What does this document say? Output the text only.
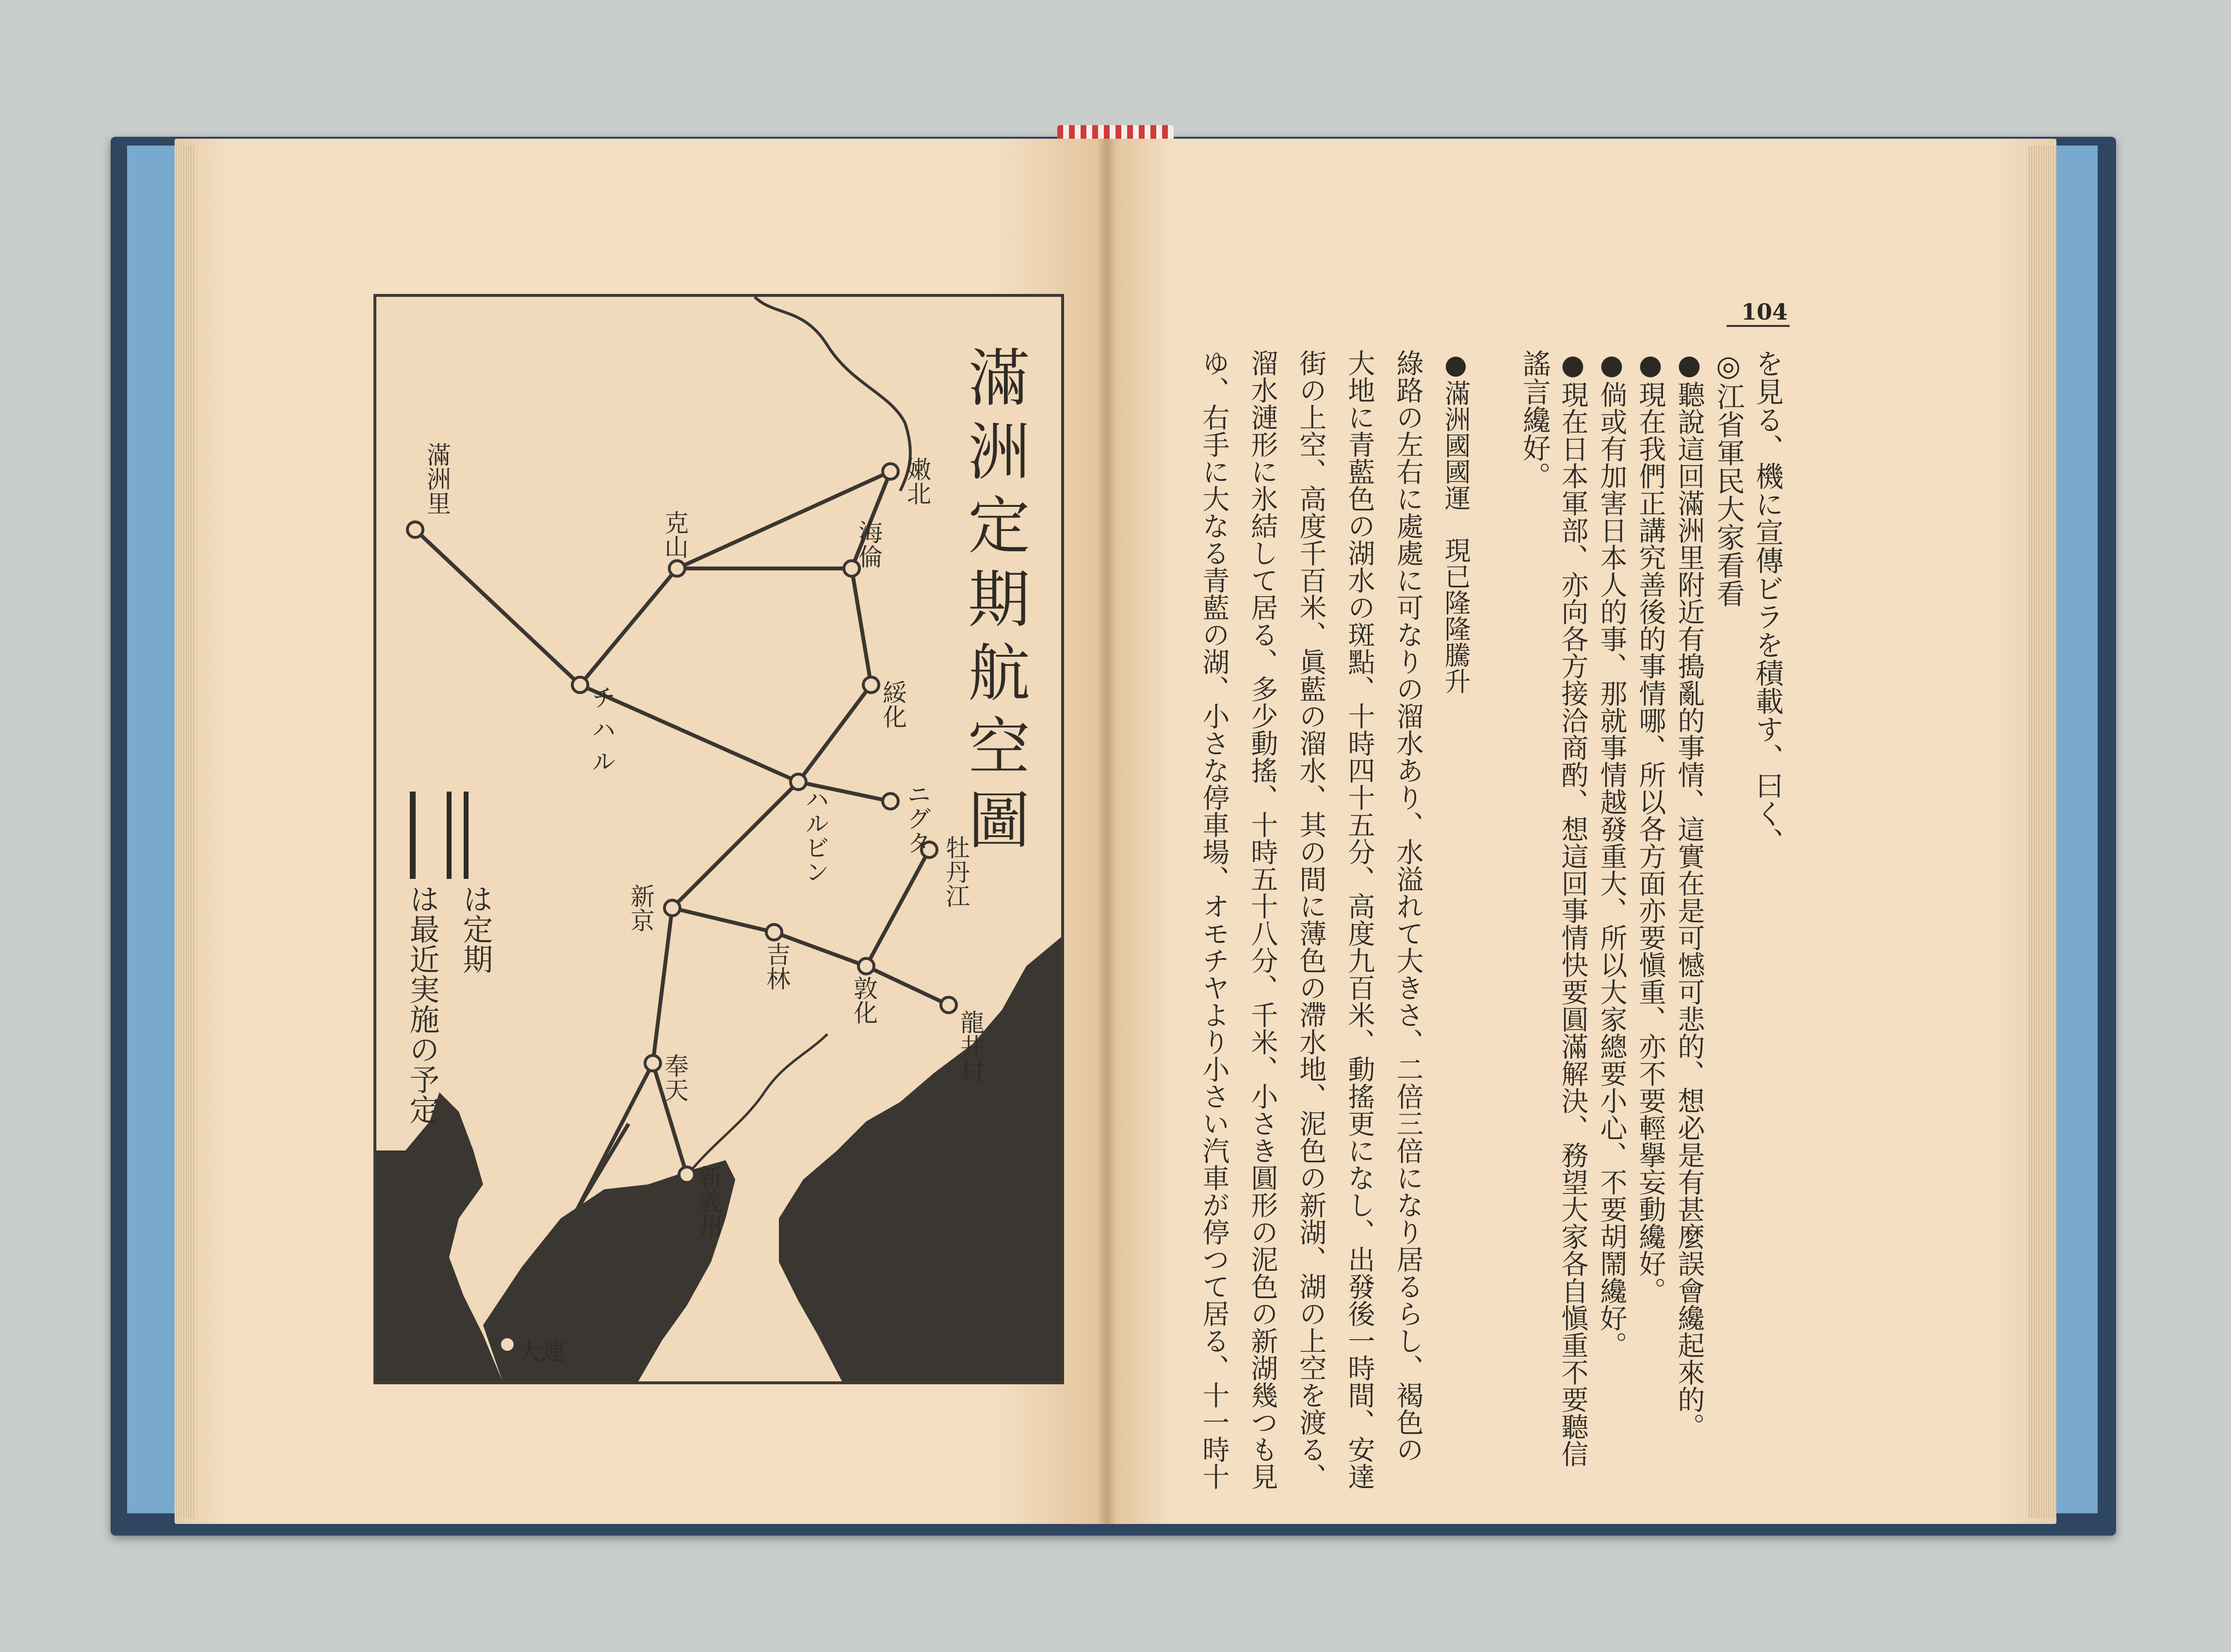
滿洲定期航空圖
は定期
は最近実施の予定
滿洲里
海倫
克山
嫩北
チ ハ ル	綏化
ハルビン	ニグタ
牡丹江
新京
吉林
敦化
龍井村
奉天
新義州
大連
104
を見る、機に宣傳ビラを積載す、曰く、
◎江省軍民大家看看
●聽說這回滿洲里附近有搗亂的事情、這實在是可憾可悲的、想必是有甚麼誤會纔起來的。
●現在我們正講究善後的事情哪、所以各方面亦要愼重、亦不要輕擧妄動纔好。
●倘或有加害日本人的事、那就事情越發重大、所以大家總要小心、不要胡鬧纔好。
●現在日本軍部、亦向各方接洽商酌、想這回事情快要圓滿解決、務望大家各自愼重不要聽信
謠言纔好。
●滿洲國國運　現已隆隆騰升
綠路の左右に處處に可なりの溜水あり、水溢れて大きさ、二倍三倍になり居るらし、褐色の
大地に青藍色の湖水の斑點、十時四十五分、高度九百米、動搖更になし、出發後一時間、安達
街の上空、高度千百米、眞藍の溜水、其の間に薄色の滯水地、泥色の新湖、湖の上空を渡る、
溜水漣形に氷結して居る、多少動搖、十時五十八分、千米、小さき圓形の泥色の新湖幾つも見
ゆ、右手に大なる青藍の湖、小さな停車場、オモチヤより小さい汽車が停つて居る、十一時十
